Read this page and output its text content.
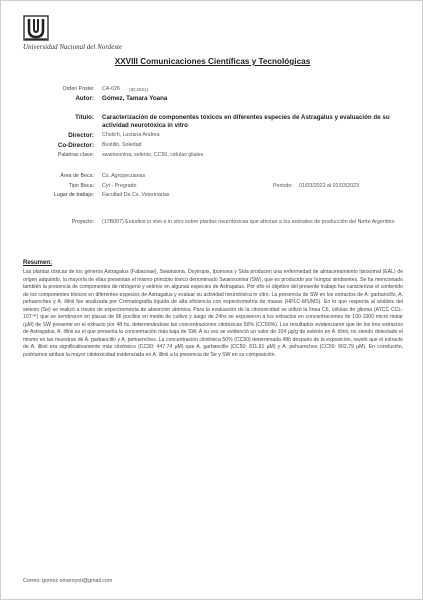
Universidad Nacional del Nordeste
XXVIII Comunicaciones Científicas y Tecnológicas
Orden Poster CA-026 (ID:2621)
Autor: Gómez, Tamara Yoana
Título: Caracterización de componentes tóxicos en diferentes especies de Astragalus y evaluación de su actividad neurotóxica in vitro
Director: Cholich, Luciana Andrea
Co-Director: Bustillo, Soledad
Palabras clave: swainsonina, selenio, CC50, células gliales
Área de Beca: Cs. Agropecuarias
Tipo Beca: Cyt - Pregrado	Periodo: 01/03/2022 al 01/03/2023
Lugar de trabajo: Facultad De Cs. Veterinarias
Proyecto: (17B007) Estudios in vivo e in vitro sobre plantas neurotóxicas que afectan a los animales de producción del Norte Argentino
Resumen:
Las plantas tóxicas de los géneros Astragalus (Fabaceae), Swainsona, Oxytropis, Ipomoea y Sida producen una enfermedad de almacenamiento lisosomal (EAL) de origen adquirido, la mayoría de ellas presentan el mismo principio tóxico denominado Swainsonina (SW), que es producido por hongos simbiontes. Se ha mencionado también la presencia de componentes de nitrógeno y selenio en algunas especies de Astragalus. Por ello el objetivo del presente trabajo fue caracterizar el contenido de los componentes tóxicos en diferentes especies de Astragalus y evaluar su actividad neurotóxica in vitro. La presencia de SW en los extractos de A. garbancillo, A. pehuenches y A. illinii fue analizada por Cromatografía líquida de alta eficiencia con espectrometría de masas (HPLC-MS/MS). En lo que respecta al análisis del selenio (Se) se realizó a través de espectrometría de absorción atómica. Para la evaluación de la citotoxicidad se utilizó la línea C6, células de glioma (ATCC CCL-107™) que se sembraron en placas de 96 pocillos en medio de cultivo y luego de 24hs se expusieron a los extractos en concentraciones de 100-1000 micro molar (µM) de SW presente en el extracto por 48 hs. determinándose las concentraciones citotóxicas 50% (CC50%). Los resultados evidenciaron que de los tres extractos de Astragalus, A. illinii es el que presenta la concentración más baja de SW. A su vez se evidenció un valor de 104 µg/g de selenio en A. illinii, no siendo detectado el mismo en las muestras de A. garbancillo y A. pehuenches. La concentración citotóxica 50% (CC50) determinada 48h después de la exposición, reveló que el extracto de A. illinii era significativamente más citotóxico (CC50: 447.74 µM) que A. garbancillo (CC50: 811.91 µM) y A. pehuenches (CC50: 902.79 µM). En conclusión, podríamos atribuir la mayor citotoxicidad evidenciada en A. illinii a la presencia de Se y SW en su composición.
Correo: gomez.omaroyoti@gmail.com
